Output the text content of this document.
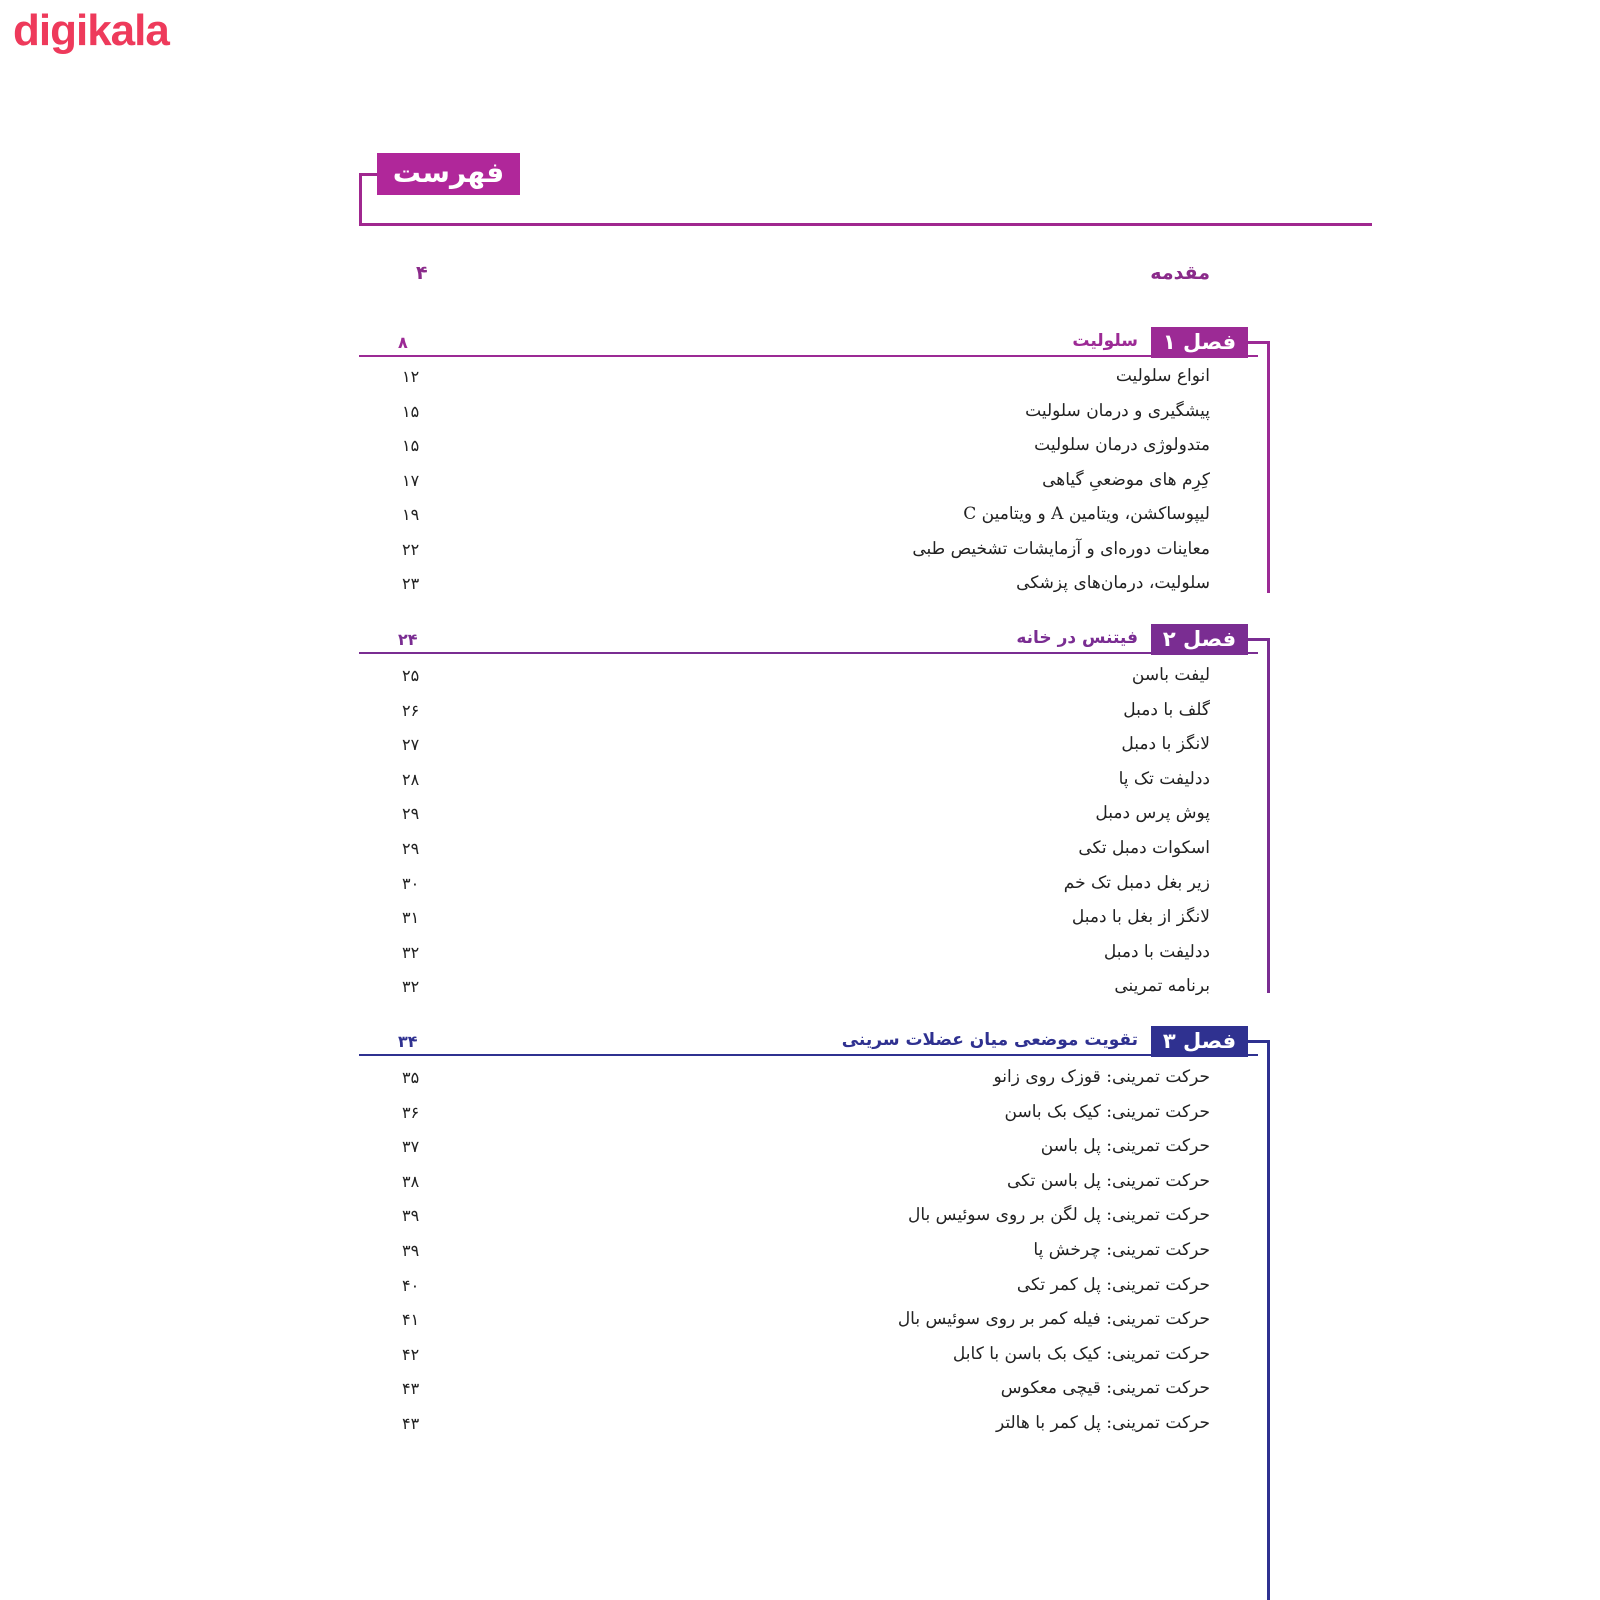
digikala
فهرست
مقدمه
۴
فصل ۱
سلولیت
۸
انواع سلولیت
۱۲
پیشگیری و درمان سلولیت
۱۵
متدولوژی درمان سلولیت
۱۵
کِرِم های موضعیِ گیاهی
۱۷
لیپوساکشن، ویتامین A و ویتامین C
۱۹
معاینات دوره‌ای و آزمایشات تشخیص طبی
۲۲
سلولیت، درمان‌های پزشکی
۲۳
فصل ۲
فیتنس در خانه
۲۴
لیفت باسن
۲۵
گلف با دمبل
۲۶
لانگز با دمبل
۲۷
ددلیفت تک پا
۲۸
پوش پرس دمبل
۲۹
اسکوات دمبل تکی
۲۹
زیر بغل دمبل تک خم
۳۰
لانگز از بغل با دمبل
۳۱
ددلیفت با دمبل
۳۲
برنامه تمرینی
۳۲
فصل ۳
تقویت موضعی میان عضلات سرینی
۳۴
حرکت تمرینی: قوزک روی زانو
۳۵
حرکت تمرینی: کیک بک باسن
۳۶
حرکت تمرینی: پل باسن
۳۷
حرکت تمرینی: پل باسن تکی
۳۸
حرکت تمرینی: پل لگن بر روی سوئیس بال
۳۹
حرکت تمرینی: چرخش پا
۳۹
حرکت تمرینی: پل کمر تکی
۴۰
حرکت تمرینی: فیله کمر بر روی سوئیس بال
۴۱
حرکت تمرینی: کیک بک باسن با کابل
۴۲
حرکت تمرینی: قیچی معکوس
۴۳
حرکت تمرینی: پل کمر با هالتر
۴۳
